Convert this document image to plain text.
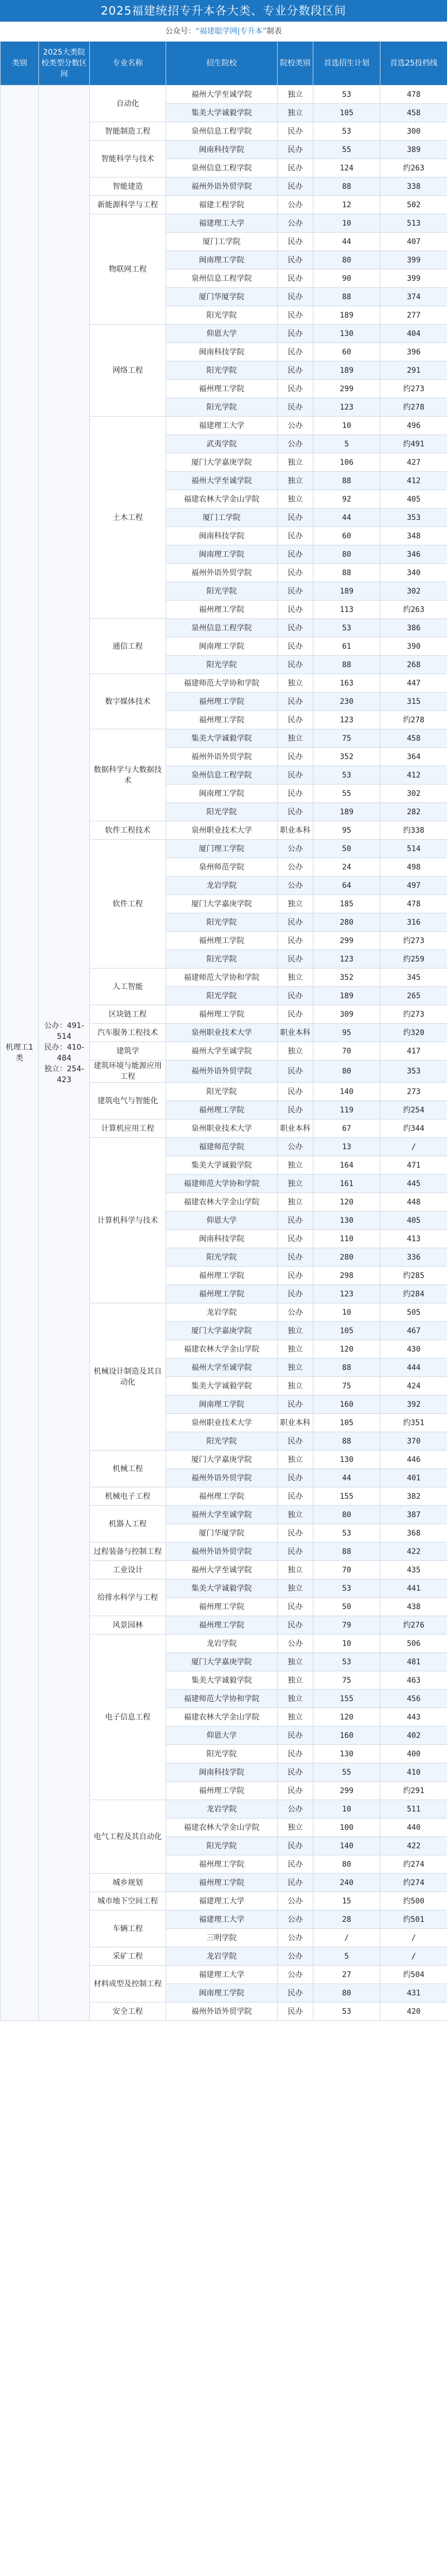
2025福建统招专升本各大类、专业分数段区间
公众号：“福建聪学网|专升本”制表
类别	2025大类院校类型分数区间	专业名称	招生院校	院校类别	首选招生计划	首选25投档线
机理工1类	公办：491-514
民办：410-484
独立：254-423	自动化	福州大学至诚学院	独立	53	478
			集美大学诚毅学院	独立	105	458
		智能制造工程	泉州信息工程学院	民办	53	300
		智能科学与技术	闽南科技学院	民办	55	389
			泉州信息工程学院	民办	124	约263
		智能建造	福州外语外贸学院	民办	88	338
		新能源科学与工程	福建工程学院	公办	12	502
		物联网工程	福建理工大学	公办	10	513
			厦门工学院	民办	44	407
			闽南理工学院	民办	80	399
			泉州信息工程学院	民办	90	399
			厦门华厦学院	民办	88	374
			阳光学院	民办	189	277
		网络工程	仰恩大学	民办	130	404
			闽南科技学院	民办	60	396
			阳光学院	民办	189	291
			福州理工学院	民办	299	约273
			阳光学院	民办	123	约278
		土木工程	福建理工大学	公办	10	496
			武夷学院	公办	5	约491
			厦门大学嘉庚学院	独立	106	427
			福州大学至诚学院	独立	88	412
			福建农林大学金山学院	独立	92	405
			厦门工学院	民办	44	353
			闽南科技学院	民办	60	348
			闽南理工学院	民办	80	346
			福州外语外贸学院	民办	88	340
			阳光学院	民办	189	302
			福州理工学院	民办	113	约263
		通信工程	泉州信息工程学院	民办	53	386
			闽南理工学院	民办	61	390
			阳光学院	民办	88	268
		数字媒体技术	福建师范大学协和学院	独立	163	447
			福州理工学院	民办	230	315
			福州理工学院	民办	123	约278
		数据科学与大数据技术	集美大学诚毅学院	独立	75	458
			福州外语外贸学院	民办	352	364
			泉州信息工程学院	民办	53	412
			闽南理工学院	民办	55	302
			阳光学院	民办	189	282
		软件工程技术	泉州职业技术大学	职业本科	95	约338
		软件工程	厦门理工学院	公办	50	514
			泉州师范学院	公办	24	498
			龙岩学院	公办	64	497
			厦门大学嘉庚学院	独立	185	478
			阳光学院	民办	280	316
			福州理工学院	民办	299	约273
			阳光学院	民办	123	约259
		人工智能	福建师范大学协和学院	独立	352	345
			阳光学院	民办	189	265
		区块链工程	福州理工学院	民办	309	约273
		汽车服务工程技术	泉州职业技术大学	职业本科	95	约320
		建筑学	福州大学至诚学院	独立	70	417
		建筑环境与能源应用工程	福州外语外贸学院	民办	80	353
		建筑电气与智能化	阳光学院	民办	140	273
			福州理工学院	民办	119	约254
		计算机应用工程	泉州职业技术大学	职业本科	67	约344
		计算机科学与技术	福建师范学院	公办	13	/
			集美大学诚毅学院	独立	164	471
			福建师范大学协和学院	独立	161	445
			福建农林大学金山学院	独立	120	448
			仰恩大学	民办	130	405
			闽南科技学院	民办	110	413
			阳光学院	民办	280	336
			福州理工学院	民办	298	约285
			福州理工学院	民办	123	约284
		机械设计制造及其自动化	龙岩学院	公办	10	505
			厦门大学嘉庚学院	独立	105	467
			福建农林大学金山学院	独立	120	430
			福州大学至诚学院	独立	88	444
			集美大学诚毅学院	独立	75	424
			闽南理工学院	民办	160	392
			泉州职业技术大学	职业本科	105	约351
			阳光学院	民办	88	370
		机械工程	厦门大学嘉庚学院	独立	130	446
			福州外语外贸学院	民办	44	401
		机械电子工程	福州理工学院	民办	155	382
		机器人工程	福州大学至诚学院	独立	80	387
			厦门华厦学院	民办	53	368
		过程装备与控制工程	福州外语外贸学院	民办	88	422
		工业设计	福州大学至诚学院	独立	70	435
		给排水科学与工程	集美大学诚毅学院	独立	53	441
			福州理工学院	民办	50	438
		风景园林	福州理工学院	民办	79	约276
		电子信息工程	龙岩学院	公办	10	506
			厦门大学嘉庚学院	独立	53	481
			集美大学诚毅学院	独立	75	463
			福建师范大学协和学院	独立	155	456
			福建农林大学金山学院	独立	120	443
			仰恩大学	民办	160	402
			阳光学院	民办	130	400
			闽南科技学院	民办	55	410
			福州理工学院	民办	299	约291
		电气工程及其自动化	龙岩学院	公办	10	511
			福建农林大学金山学院	独立	100	440
			阳光学院	民办	140	422
			福州理工学院	民办	80	约274
		城乡规划	福州理工学院	民办	240	约274
		城市地下空间工程	福建理工大学	公办	15	约500
		车辆工程	福建理工大学	公办	28	约501
			三明学院	公办	/	/
		采矿工程	龙岩学院	公办	5	/
		材料成型及控制工程	福建理工大学	公办	27	约504
			闽南理工学院	民办	80	431
		安全工程	福州外语外贸学院	民办	53	420
